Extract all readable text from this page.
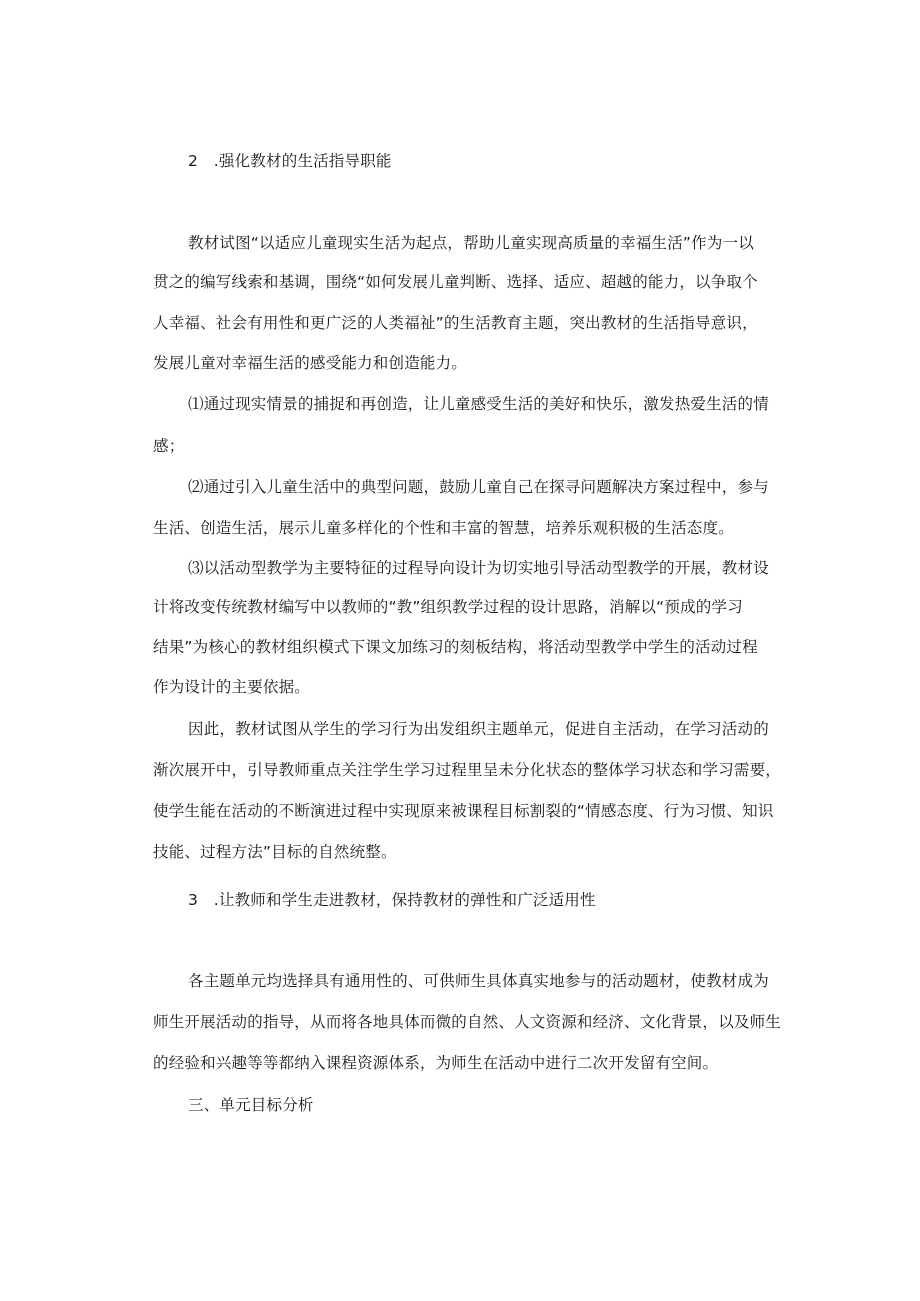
2　.强化教材的生活指导职能
教材试图“以适应儿童现实生活为起点，帮助儿童实现高质量的幸福生活”作为一以
贯之的编写线索和基调，围绕“如何发展儿童判断、选择、适应、超越的能力，以争取个
人幸福、社会有用性和更广泛的人类福祉”的生活教育主题，突出教材的生活指导意识，
发展儿童对幸福生活的感受能力和创造能力。
⑴通过现实情景的捕捉和再创造，让儿童感受生活的美好和快乐，激发热爱生活的情
感；
⑵通过引入儿童生活中的典型问题，鼓励儿童自己在探寻问题解决方案过程中，参与
生活、创造生活，展示儿童多样化的个性和丰富的智慧，培养乐观积极的生活态度。
⑶以活动型教学为主要特征的过程导向设计为切实地引导活动型教学的开展，教材设
计将改变传统教材编写中以教师的“教”组织教学过程的设计思路，消解以“预成的学习
结果”为核心的教材组织模式下课文加练习的刻板结构，将活动型教学中学生的活动过程
作为设计的主要依据。
因此，教材试图从学生的学习行为出发组织主题单元，促进自主活动，在学习活动的
渐次展开中，引导教师重点关注学生学习过程里呈未分化状态的整体学习状态和学习需要，
使学生能在活动的不断演进过程中实现原来被课程目标割裂的“情感态度、行为习惯、知识
技能、过程方法”目标的自然统整。
3　.让教师和学生走进教材，保持教材的弹性和广泛适用性
各主题单元均选择具有通用性的、可供师生具体真实地参与的活动题材，使教材成为
师生开展活动的指导，从而将各地具体而微的自然、人文资源和经济、文化背景，以及师生
的经验和兴趣等等都纳入课程资源体系，为师生在活动中进行二次开发留有空间。
三、单元目标分析
